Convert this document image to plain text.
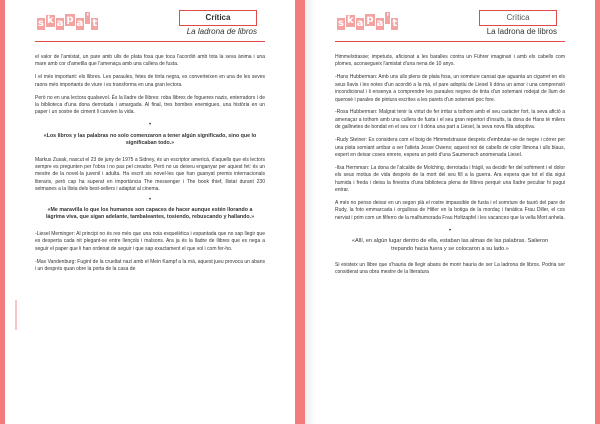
s k a p a
'
t
Crítica
La ladrona de libros

el valor de l'amistat, un pare amb ulls de plata fosa que toca l'acordió amb tota la seva ànima i una mare amb cor d'ametlla que l'amenaça amb una cullera de fusta.

I el més important: els llibres. Les paraules, fetes de tinta negra, es converteixen en una de les seves raons més importants de viure i es transforma en una gran lectora.

Però no en una lectora qualsevol. És la lladre de llibres: roba llibres de fogueres nazis, enterradors i de la biblioteca d'una dona derrotada i amargada. Al final, tres bombes enemigues, una història en un paper i un sostre de ciment li canvien la vida.

•
«Los libros y las palabras no solo comenzaron a tener algún significado, sino que lo significaban todo.»

Markus Zusak, nascut el 23 de juny de 1975 a Sidney, és un escriptor americà, d'aquells que els lectors sempre es pregunten per l'obra i no pas pel creador. Però no us deixeu enganyar per aquest fet: és un mestre de la novel·la juvenil i adulta. Ha escrit sis novel·les que han guanyat premis internacionals literaris, però cap ha superat en importància The messenger i The book thief, llistat durant 230 setmanes a la llista dels best-sellers i adaptat al cinema.

•
«Me maravilla lo que los humanos son capaces de hacer aunque estén llorando a lágrima viva, que sigan adelante, tambaleantes, tosiendo, rebuscando y hallando.»

-Liesel Meminger: Al principi no és res més que una noia esquelètica i espantada que no sap llegir que es desperta cada nit plegant-se entre llençols i malsons. Ara ja és la lladre de llibres que es nega a seguir el paper que li han ordenat de seguir i que sap exactament el que vol i com fer-ho.

-Max Vandenburg: Fugint de la crueltat nazi amb el Mein Kampf a la mà, aquest jueu provoca un abans i un després quan obre la porta de la casa de

s k a p a
'
t
Crítica
La ladrona de libros

Himmelstrasse; impetuós, aficionat a les baralles contra un Führer imaginari i amb els cabells com plomes, aconsegueix l'amistat d'una nena de 10 anys.

-Hans Hubberman: Amb uns ulls plens de plata fosa, un somriure cansat que aguanta un cigarret en els seus llavis i les notes d'un acordió a la mà, el pare adoptiu de Liesel li dóna un amor i una comprensió incondicional i li ensenya a comprendre les paraules negres de tinta d'un sotemani rodejat de llum de querosè i parales de pintura escrites a les parets d'un soterrani poc fore.

-Rosa Hubberman: Malgrat tenir la virtut de fer irritar a tothom amb el seu caràcter fort, la seva afició a amenaçar a tothom amb una cullera de fusta i el seu gran repertori d'insults, la dona de Hans té milers de gallinetes de bondat en el seu cor i li dóna una part a Liesel, la seva nova filla adoptiva.

-Rudy Steiner: Es considera com el boig de Himmelstrasse després d'embrutar-se de negre i córrer per una pista somiant arribar a ser l'atleta Jesse Owens; aquest noi de cabells de color llimona i ulls blaus, expert en deixar coses enrere, espera un petó d'una Saumensch anomenada Liesel.

-Ilsa Hermman: La dona de l'alcalde de Molching, derrotada i fràgil, va decidir fer del sofriment i el dolor els seus motius de vida després de la mort del seu fill a la guerra. Ara espera que tot el dia sigui humida i freda i deixa la finestra d'una biblioteca plena de llibres perquè una lladre peculiar hi pugui entrar.

A més no penso deixar en un segon plà el rostre impassible de fusta i el somriure de tauró del pare de Rudy, la foto emmarcada i orgullosa de Hitler en la botiga de la mordaç i fanàtica Frau Diller, el cos nerviat i prim com un filferro de la malhumorada Frau Holtzapfel i les vacances que la vella Mort anhela.

•
«Allí, en algún lugar dentro de ella, estaban las almas de las palabras. Salieron trepando hacia fuera y se colocaron a su lado.»

Si existeix un llibre que s'hauria de llegir abans de morir hauria de ser La ladrona de libros. Podria ser considerat una obra mestre de la literatura
